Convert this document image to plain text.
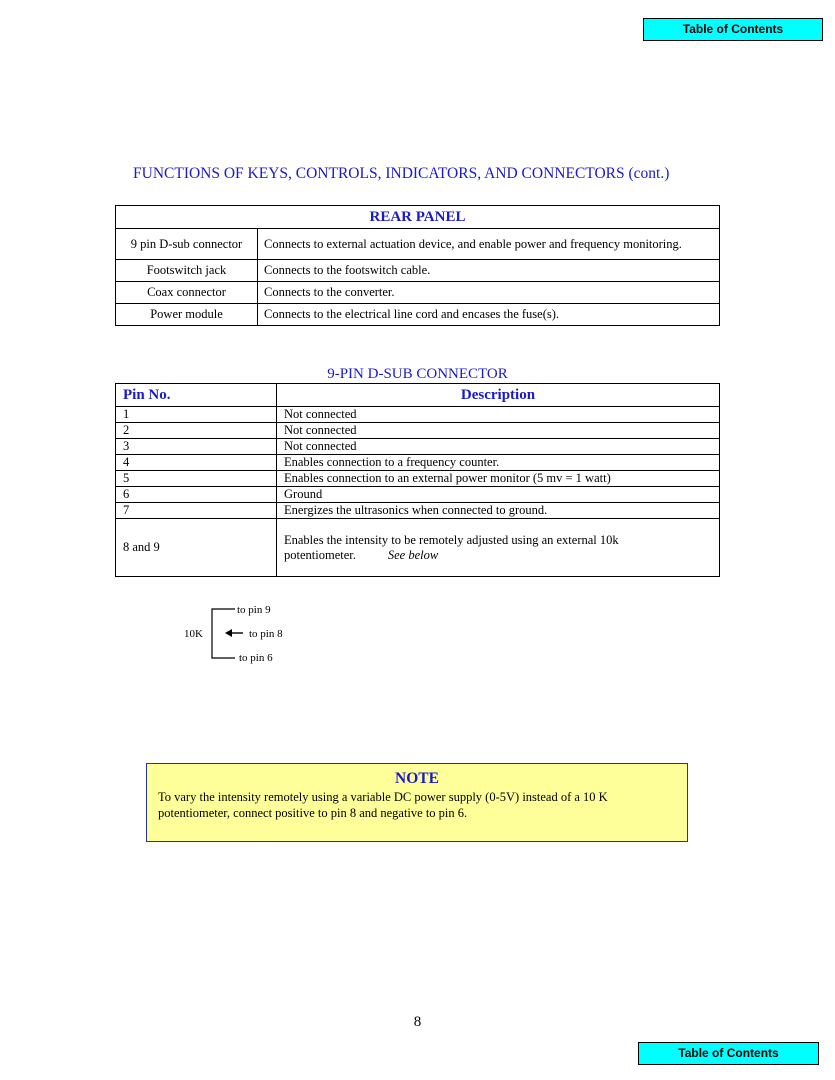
Table of Contents
FUNCTIONS OF KEYS, CONTROLS, INDICATORS, AND CONNECTORS (cont.)
REAR PANEL	
9 pin D-sub connector	Connects to external actuation device, and enable power and frequency monitoring.
Footswitch jack	Connects to the footswitch cable.
Coax connector	Connects to the converter.
Power module	Connects to the electrical line cord and encases the fuse(s).
9-PIN D-SUB CONNECTOR
Pin No.	Description
1	Not connected
2	Not connected
3	Not connected
4	Enables connection to a frequency counter.
5	Enables connection to an external power monitor (5 mv = 1 watt)
6	Ground
7	Energizes the ultrasonics when connected to ground.
8 and 9	Enables the intensity to be remotely adjusted using an external 10k potentiometer. See below
10K
to pin 9
to pin 8
to pin 6
NOTE
To vary the intensity remotely using a variable DC power supply (0-5V) instead of a 10 K potentiometer, connect positive to pin 8 and negative to pin 6.
8
Table of Contents
